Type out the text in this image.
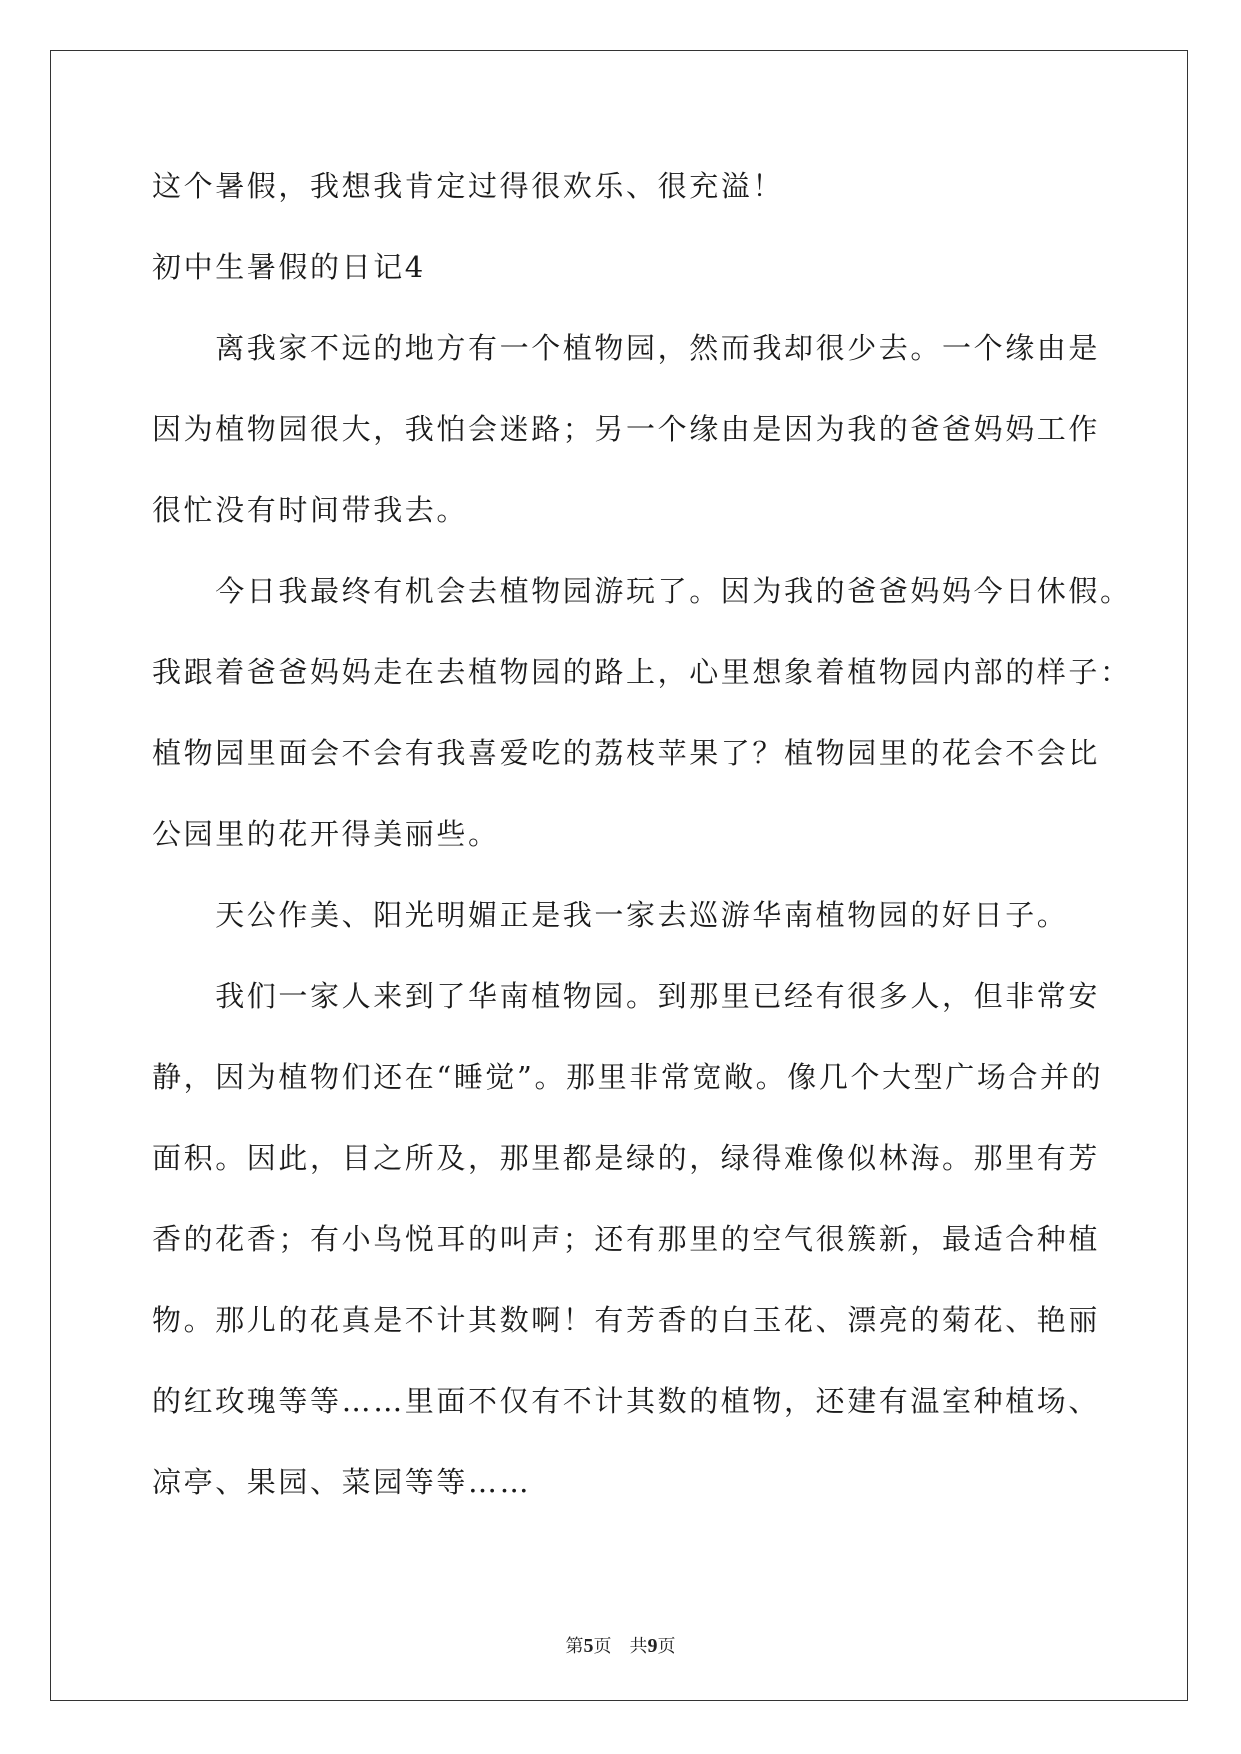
这个暑假，我想我肯定过得很欢乐、很充溢！
初中生暑假的日记4
　　离我家不远的地方有一个植物园，然而我却很少去。一个缘由是
因为植物园很大，我怕会迷路；另一个缘由是因为我的爸爸妈妈工作
很忙没有时间带我去。
　　今日我最终有机会去植物园游玩了。因为我的爸爸妈妈今日休假。
我跟着爸爸妈妈走在去植物园的路上，心里想象着植物园内部的样子：
植物园里面会不会有我喜爱吃的荔枝苹果了？植物园里的花会不会比
公园里的花开得美丽些。
　　天公作美、阳光明媚正是我一家去巡游华南植物园的好日子。
　　我们一家人来到了华南植物园。到那里已经有很多人，但非常安
静，因为植物们还在“睡觉”。那里非常宽敞。像几个大型广场合并的
面积。因此，目之所及，那里都是绿的，绿得难像似林海。那里有芳
香的花香；有小鸟悦耳的叫声；还有那里的空气很簇新，最适合种植
物。那儿的花真是不计其数啊！有芳香的白玉花、漂亮的菊花、艳丽
的红玫瑰等等……里面不仅有不计其数的植物，还建有温室种植场、
凉亭、果园、菜园等等……
第5页　共9页
